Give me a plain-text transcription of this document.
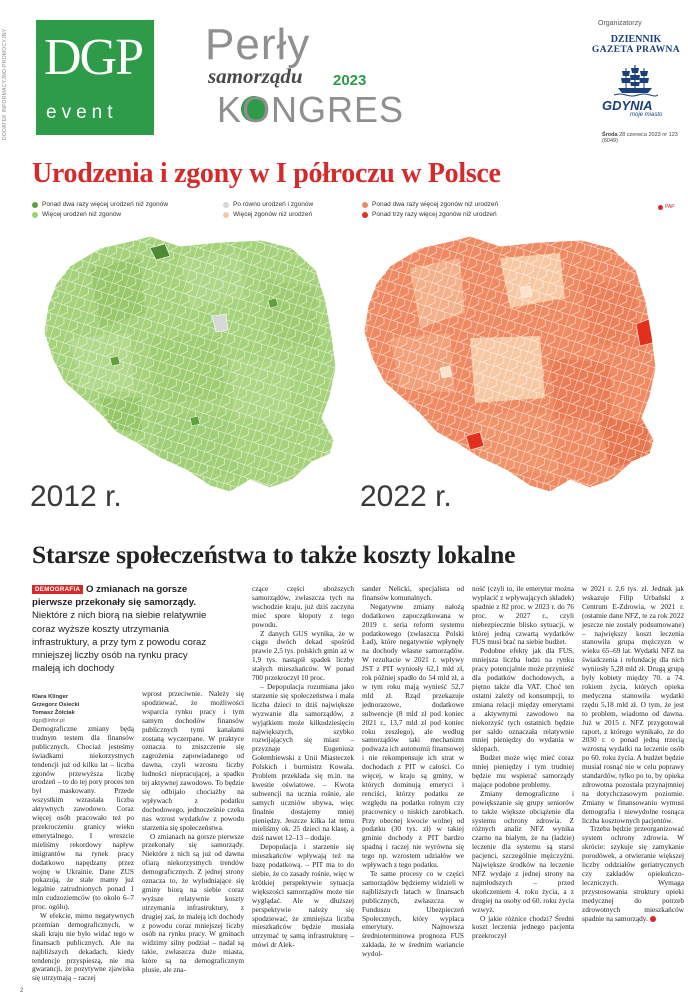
DODATEK INFORMACYJNO-PROMOCYJNY DGP
event
Perły
samorządu 2023
KONGRES
Organizatorzy
DZIENNIK
GAZETA PRAWNA
GDYNIA
moje miasto
Środa 28 czerwca 2023 nr 123 (6049)
Urodzenia i zgony w I półroczu w Polsce
Ponad dwa razy więcej urodzeń niż zgonów
Więcej urodzeń niż zgonów
Po równo urodzeń i zgonów
Więcej zgonów niż urodzeń
Ponad dwa razy więcej zgonów niż urodzeń
Ponad trzy razy więcej zgonów niż urodzeń
PAP
2012 r.	2022 r.
Starsze społeczeństwa to także koszty lokalne
DEMOGRAFIA O zmianach na gorsze pierwsze przekonały się samorządy. Niektóre z nich biorą na siebie relatywnie coraz wyższe koszty utrzymania infrastruktury, a przy tym z powodu coraz mniejszej liczby osób na rynku pracy maleją ich dochody
Klara Klinger
Grzegorz Osiecki
Tomasz Żółciak
dgp@infor.pl

Demograficzne zmiany będą trudnym testem dla finansów publicznych. Chociaż jesteśmy świadkami niekorzystnych tendencji już od kilku lat – liczba zgonów przewyższa liczbę urodzeń – to do tej pory proces ten był maskowany. Przede wszystkim wzrastała liczba aktywnych zawodowo. Coraz więcej osób pracowało też po przekroczeniu granicy wieku emerytalnego. I wreszcie mieliśmy rekordowy napływ imigrantów na rynek pracy dodatkowo napędzany przez wojnę w Ukrainie. Dane ZUS pokazują, że stale mamy już legalnie zatrudnionych ponad 1 mln cudzoziemców (to około 6–7 proc. ogółu).

W efekcie, mimo negatywnych przemian demograficznych, w skali kraju nie było widać tego w finansach publicznych. Ale na najbliższych dekadach, kiedy tendencje przyspieszą, nie ma gwarancji, że pozytywne zjawiska się utrzymają – raczej

wprost przeciwnie. Należy się spodziewać, że możliwości wsparcia rynku pracy i tym samym dochodów finansów publicznych tymi kanałami zostaną wyczerpane. W praktyce oznacza to zniszczenie się zagrożenia zapowiadanego od dawna, czyli wzrostu liczby ludności niepracującej, a spadku tej aktywnej zawodowo. To będzie się odbijało chociażby na wpływach z podatku dochodowego, jednocześnie czeka nas wzrost wydatków z powodu starzenia się społeczeństwa.

O zmianach na gorsze pierwsze przekonały się samorządy. Niektóre z nich są już od dawna ofiarą niekorzystnych trendów demograficznych. Z jednej strony oznacza to, że wyludniające się gminy biorą na siebie coraz wyższe relatywnie koszty utrzymania infrastruktury, z drugiej zaś, że maleją ich dochody z powodu coraz mniejszej liczby osób na rynku pracy. W gminach widzimy silny podział – nadal są takie, zwłaszcza duże miasta, które są na demograficznym plusie, ale zna-

czące części uboższych samorządów, zwłaszcza tych na wschodzie kraju, już dziś zaczyna mieć spore kłopoty z tego powodu.

Z danych GUS wynika, że w ciągu dwóch dekad spośród prawie 2,5 tys. polskich gmin aż w 1,9 tys. nastąpił spadek liczby stałych mieszkańców. W ponad 700 przekroczył 10 proc.

– Depopulacja rozumiana jako starzenie się społeczeństwa i mała liczba dzieci to dziś największe wyzwanie dla samorządów, z wyjątkiem może kilkudziesięciu największych, szybko rozwijających się miast – przyznaje Eugeniusz Gołembiewski z Unii Miasteczek Polskich i burmistrz Kowala. Problem przekłada się m.in. na kwestie oświatowe. – Kwota subwencji na ucznia rośnie, ale samych uczniów ubywa, więc finalnie dostajemy mniej pieniędzy. Jeszcze kilka lat temu mieliśmy ok. 25 dzieci na klasę, a dziś nawet 12–13 – dodaje.

Depopulacja i starzenie się mieszkańców wpływają też na bazę podatkową. – PIT ma to do siebie, że co zasady rośnie, więc w krótkiej perspektywie sytuacja większości samorządów może nie wyglądać. Ale w dłuższej perspektywie należy się spodziewać, że zmniejsza liczba mieszkańców będzie musiała utrzymać tę samą infrastrukturę – mówi dr Alek-

sander Nelicki, specjalista od finansów komunalnych.

Negatywne zmiany nałożą dodatkowo zapoczątkowana w 2019 r. seria reform systemu podatkowego (zwłaszcza Polski Ład), które negatywnie wpłynęły na dochody własne samorządów. W rezultacie w 2021 r. wpływy JST z PIT wyniosły 62,1 mld zł, rok później spadło do 54 mld zł, a w tym roku mają wynieść 52,7 mld zł. Rząd przekazuje jednorazowe, dodatkowe subwencje (8 mld zł pod koniec 2021 r., 13,7 mld zł pod koniec roku zeszłego), ale według samorządów taki mechanizm podważa ich autonomii finansowej i nie rekompensuje ich strat w dochodach z PIT w całości. Co więcej, w kraju są gminy, w których dominują emeryci i renciści, którzy podatku ze względu na podatku rolnym czy pracownicy o niskich zarobkach. Przy obecnej kwocie wolnej od podatku (30 tys. zł) w takiej gminie dochody z PIT bardzo spadną i raczej nie wyrówna się tego np. wzrostem udziałów we wpływach z tego podatku.

Te same procesy co w części samorządów będziemy widzieli w najbliższych latach w finansach publicznych, zwłaszcza w Funduszu Ubezpieczeń Społecznych, który wypłaca emerytury. Najnowsza średnioterminowa prognoza FUS zakłada, że w średnim wariancie wydol-

ność (czyli to, ile emerytur można wypłacić z wpływających składek) spadnie z 82 proc. w 2023 r. do 76 proc. w 2027 r., czyli niebezpiecznie blisko sytuacji, w której jedną czwartą wydatków FUS musi brać na siebie budżet.

Podobne efekty jak dla FUS, mniejsza liczba ludzi na rynku pracy potencjalnie może przynieść dla podatków dochodowych, a piętno także dla VAT. Choć ten ostatni zależy od konsumpcji, to zmiana relacji między emerytami a aktywnymi zawodowo na niekorzyść tych ostatnich będzie per saldo oznaczała relatywnie mniej pieniędzy do wydania w sklepach.

Budżet może więc mieć coraz mniej pieniędzy i tym trudniej będzie mu wspierać samorządy mające podobne problemy.

Zmiany demograficzne i powiększanie się grupy seniorów to także większe obciążenie dla systemu ochrony zdrowia. Z różnych analiz NFZ wynika czarno na białym, że na (ładzie) leczenie dla systemu są starsi pacjenci, szczególnie mężczyźni. Największe środków na leczenie NFZ wydaje z jednej strony na najmłodszych – przed ukończeniem 4. roku życia, a z drugiej na osoby od 60. roku życia wzwyż.

O jakie różnice chodzi? Średni koszt leczenia jednego pacjenta przekroczył

w 2021 r. 2,6 tys. zł. Jednak jak wskazuje Filip Urbański z Centrum E-Zdrowia, w 2021 r. (ostatnie dane NFZ, te za rok 2022 jeszcze nie zostały podsumowane) – największy koszt leczenia stanowiła grupa mężczyzn w wieku 65–69 lat. Wydatki NFZ na świadczenia i refundację dla nich wyniosły 5,28 mld zł. Drugą grupą były kobiety między 70. a 74. rokiem życia, których opieka medyczna stanowiła wydatki rzędu 5,18 mld zł. O tym, że jest to problem, wiadomo od dawna. Już w 2015 r. NFZ przygotował raport, z którego wynikało, że do 2030 r. o ponad jedną trzecią wzrosną wydatki na leczenie osób po 60. roku życia. A budżet będzie musiał rosnąć nie w celu poprawy standardów, tylko po to, by opieka zdrowotna pozostała przynajmniej na dotychczasowym poziomie. Zmiany w finansowaniu wymusi demografia i niewydolne rosnąca liczba kosztownych pacjentów.

Trzeba będzie przeorganizować system ochrony zdrowia. W skrócie: szykuje się zamykanie porodówek, a otwieranie większej liczby oddziałów geriatrycznych czy zakładów opiekuńczo-leczniczych. Wymaga przystosowania struktury opieki medycznej do potrzeb zdrowotnych mieszkańców spadnie na samorządy.

2
